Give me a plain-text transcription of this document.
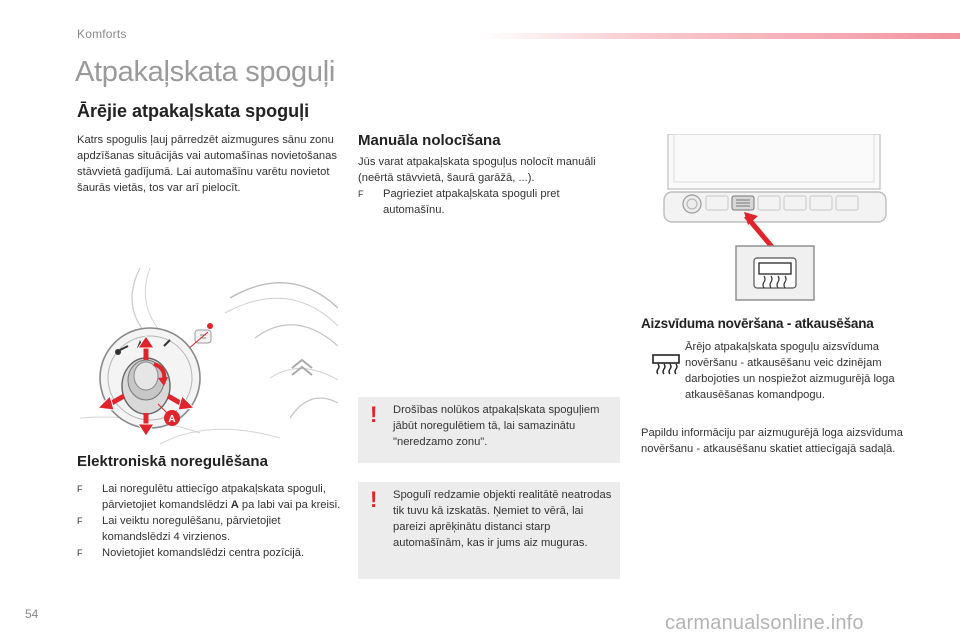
Komforts
Atpakaļskata spoguļi
Ārējie atpakaļskata spoguļi
Katrs spogulis ļauj pārredzēt aizmugures sānu zonu apdzīšanas situācijās vai automašīnas novietošanas stāvvietā gadījumā. Lai automašīnu varētu novietot šaurās vietās, tos var arī pielocīt.
A
Elektroniskā noregulēšana
F Lai noregulētu attiecīgo atpakaļskata spoguli, pārvietojiet komandslēdzi A pa labi vai pa kreisi.
F Lai veiktu noregulēšanu, pārvietojiet komandslēdzi 4 virzienos.
F Novietojiet komandslēdzi centra pozīcijā.
Manuāla nolocīšana
Jūs varat atpakaļskata spoguļus nolocīt manuāli (neērtā stāvvietā, šaurā garāžā, ...).
F Pagrieziet atpakaļskata spoguli pret automašīnu.
! Drošības nolūkos atpakaļskata spoguļiem jābūt noregulētiem tā, lai samazinātu "neredzamo zonu".
! Spogulī redzamie objekti realitātē neatrodas tik tuvu kā izskatās. Ņemiet to vērā, lai pareizi aprēķinātu distanci starp automašīnām, kas ir jums aiz muguras.
Aizsvīduma novēršana - atkausēšana
Ārējo atpakaļskata spoguļu aizsvīduma novēršanu - atkausēšanu veic dzinējam darbojoties un nospiežot aizmugurējā loga atkausēšanas komandpogu.
Papildu informāciju par aizmugurējā loga aizsvīduma novēršanu - atkausēšanu skatiet attiecīgajā sadaļā.
54	carmanualsonline.info
